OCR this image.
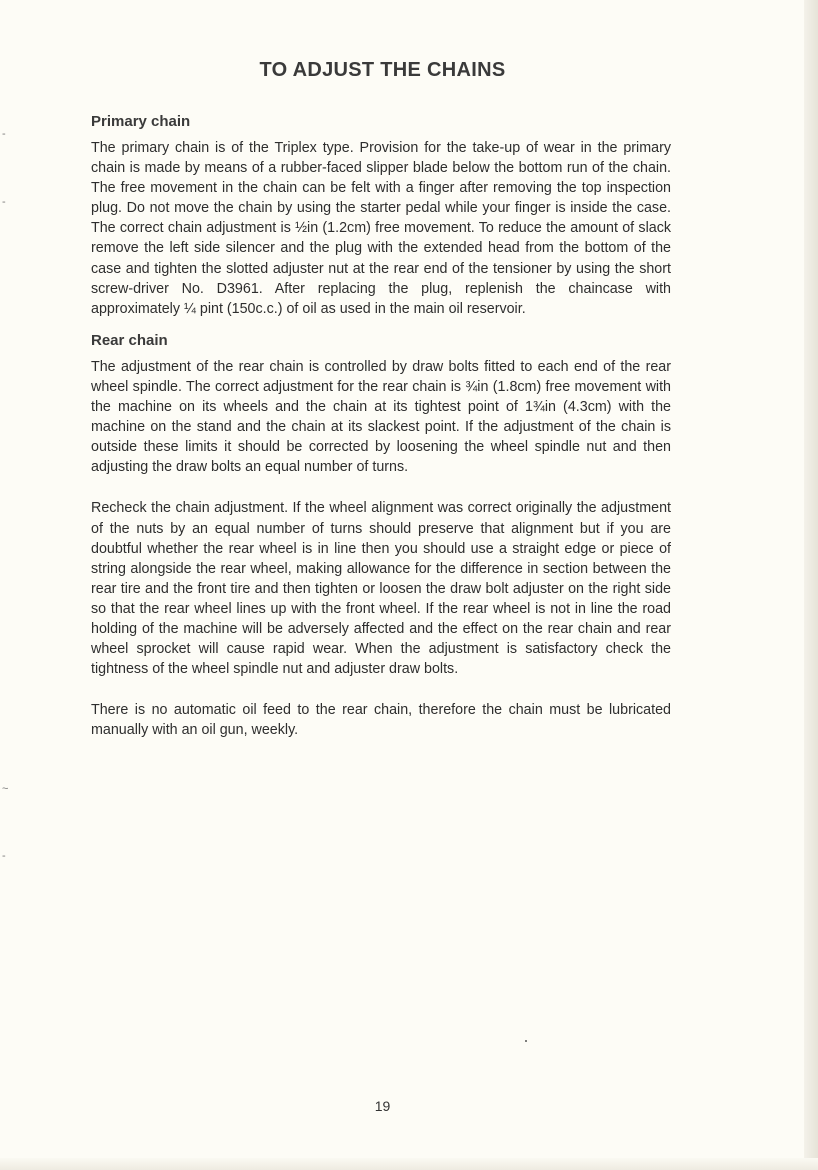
-
-
~
-
TO ADJUST THE CHAINS
Primary chain

The primary chain is of the Triplex type. Provision for the take-up of wear in the primary chain is made by means of a rubber-faced slipper blade below the bottom run of the chain. The free movement in the chain can be felt with a finger after removing the top inspection plug. Do not move the chain by using the starter pedal while your finger is inside the case. The correct chain adjustment is ½in (1.2cm) free movement. To reduce the amount of slack remove the left side silencer and the plug with the extended head from the bottom of the case and tighten the slotted adjuster nut at the rear end of the tensioner by using the short screw-driver No. D3961. After replacing the plug, replenish the chaincase with approximately ¼ pint (150c.c.) of oil as used in the main oil reservoir.

Rear chain

The adjustment of the rear chain is controlled by draw bolts fitted to each end of the rear wheel spindle. The correct adjustment for the rear chain is ¾in (1.8cm) free movement with the machine on its wheels and the chain at its tightest point of 1¾in (4.3cm) with the machine on the stand and the chain at its slackest point. If the adjustment of the chain is outside these limits it should be corrected by loosening the wheel spindle nut and then adjusting the draw bolts an equal number of turns.

Recheck the chain adjustment. If the wheel alignment was correct originally the adjustment of the nuts by an equal number of turns should preserve that alignment but if you are doubtful whether the rear wheel is in line then you should use a straight edge or piece of string alongside the rear wheel, making allowance for the difference in section between the rear tire and the front tire and then tighten or loosen the draw bolt adjuster on the right side so that the rear wheel lines up with the front wheel. If the rear wheel is not in line the road holding of the machine will be adversely affected and the effect on the rear chain and rear wheel sprocket will cause rapid wear. When the adjustment is satisfactory check the tightness of the wheel spindle nut and adjuster draw bolts.

There is no automatic oil feed to the rear chain, therefore the chain must be lubricated manually with an oil gun, weekly.

19
